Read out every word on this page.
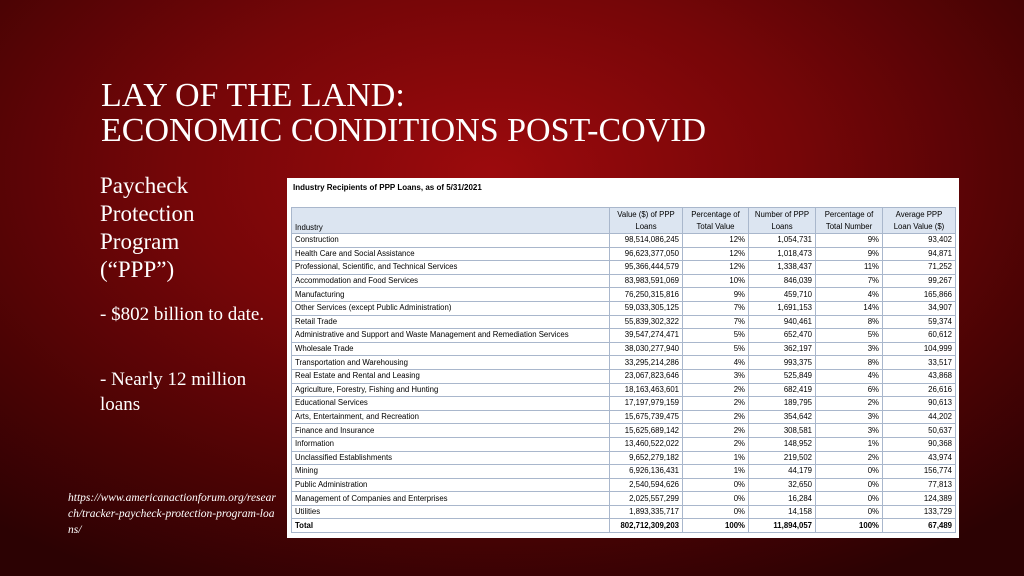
LAY OF THE LAND:
ECONOMIC CONDITIONS POST-COVID
Paycheck
Protection
Program
(“PPP”)
- $802 billion to date.
- Nearly 12 million loans
https://www.americanactionforum.org/research/tracker-paycheck-protection-program-loans/
Industry Recipients of PPP Loans, as of 5/31/2021
Industry	Value ($) of PPP Loans	Percentage of Total Value	Number of PPP Loans	Percentage of Total Number	Average PPP Loan Value ($)
Construction	98,514,086,245	12%	1,054,731	9%	93,402
Health Care and Social Assistance	96,623,377,050	12%	1,018,473	9%	94,871
Professional, Scientific, and Technical Services	95,366,444,579	12%	1,338,437	11%	71,252
Accommodation and Food Services	83,983,591,069	10%	846,039	7%	99,267
Manufacturing	76,250,315,816	9%	459,710	4%	165,866
Other Services (except Public Administration)	59,033,305,125	7%	1,691,153	14%	34,907
Retail Trade	55,839,302,322	7%	940,461	8%	59,374
Administrative and Support and Waste Management and Remediation Services	39,547,274,471	5%	652,470	5%	60,612
Wholesale Trade	38,030,277,940	5%	362,197	3%	104,999
Transportation and Warehousing	33,295,214,286	4%	993,375	8%	33,517
Real Estate and Rental and Leasing	23,067,823,646	3%	525,849	4%	43,868
Agriculture, Forestry, Fishing and Hunting	18,163,463,601	2%	682,419	6%	26,616
Educational Services	17,197,979,159	2%	189,795	2%	90,613
Arts, Entertainment, and Recreation	15,675,739,475	2%	354,642	3%	44,202
Finance and Insurance	15,625,689,142	2%	308,581	3%	50,637
Information	13,460,522,022	2%	148,952	1%	90,368
Unclassified Establishments	9,652,279,182	1%	219,502	2%	43,974
Mining	6,926,136,431	1%	44,179	0%	156,774
Public Administration	2,540,594,626	0%	32,650	0%	77,813
Management of Companies and Enterprises	2,025,557,299	0%	16,284	0%	124,389
Utilities	1,893,335,717	0%	14,158	0%	133,729
Total	802,712,309,203	100%	11,894,057	100%	67,489
